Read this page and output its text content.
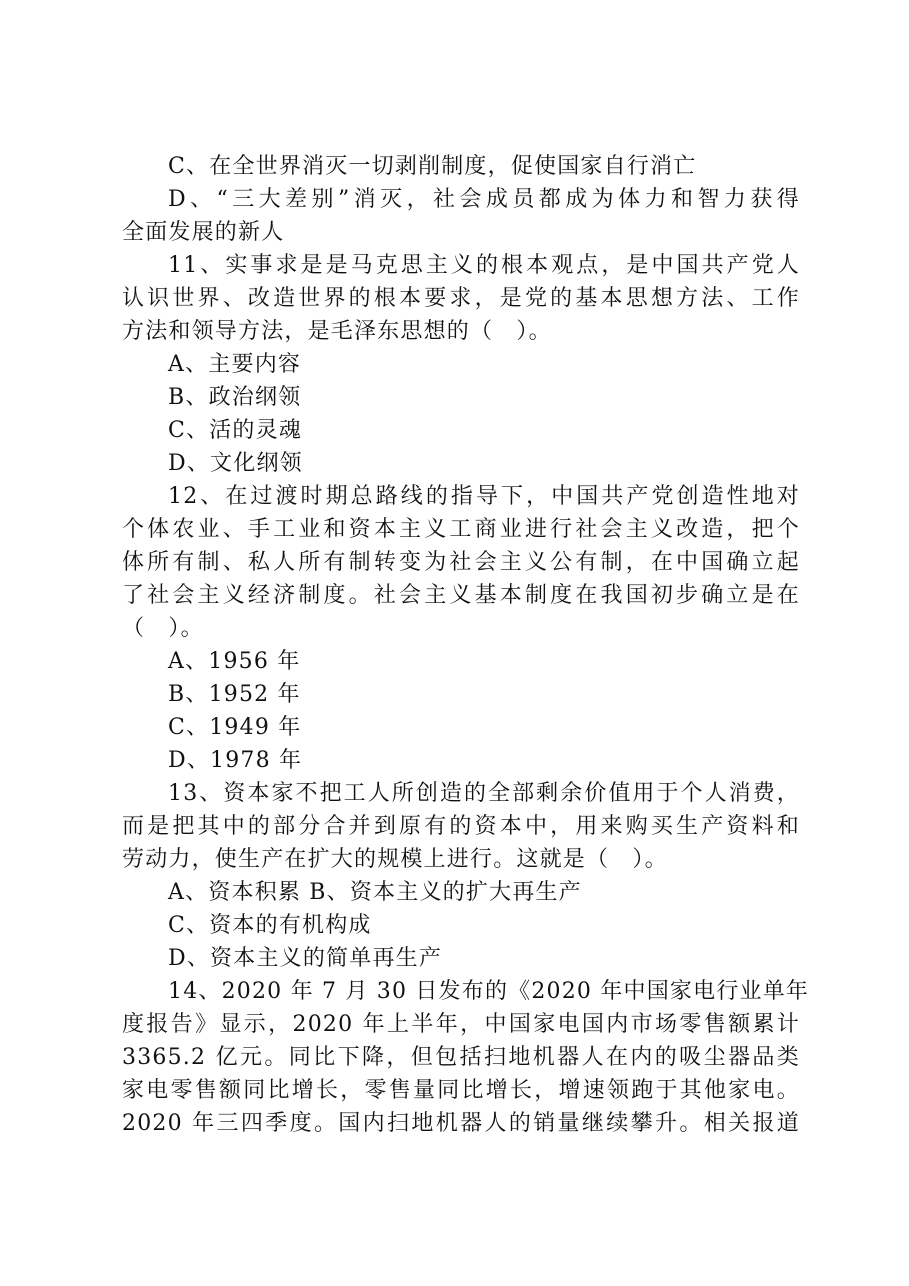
C、在全世界消灭一切剥削制度，促使国家自行消亡
D、“三大差别”消灭，社会成员都成为体力和智力获得
全面发展的新人
11、实事求是是马克思主义的根本观点，是中国共产党人
认识世界、改造世界的根本要求，是党的基本思想方法、工作
方法和领导方法，是毛泽东思想的（　）。
A、主要内容
B、政治纲领
C、活的灵魂
D、文化纲领
12、在过渡时期总路线的指导下，中国共产党创造性地对
个体农业、手工业和资本主义工商业进行社会主义改造，把个
体所有制、私人所有制转变为社会主义公有制，在中国确立起
了社会主义经济制度。社会主义基本制度在我国初步确立是在
（　）。
A、1956 年
B、1952 年
C、1949 年
D、1978 年
13、资本家不把工人所创造的全部剩余价值用于个人消费，
而是把其中的部分合并到原有的资本中，用来购买生产资料和
劳动力，使生产在扩大的规模上进行。这就是（　）。
A、资本积累 B、资本主义的扩大再生产
C、资本的有机构成
D、资本主义的简单再生产
14、2020 年 7 月 30 日发布的《2020 年中国家电行业单年
度报告》显示，2020 年上半年，中国家电国内市场零售额累计
3365.2 亿元。同比下降，但包括扫地机器人在内的吸尘器品类
家电零售额同比增长，零售量同比增长，增速领跑于其他家电。
2020 年三四季度。国内扫地机器人的销量继续攀升。相关报道
